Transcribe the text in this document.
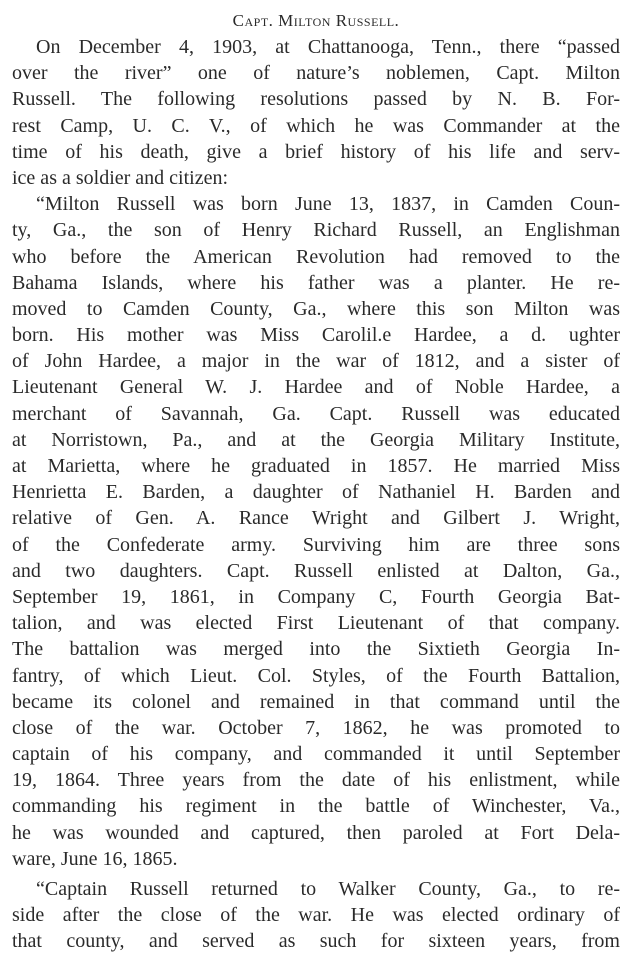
Capt. Milton Russell.
On December 4, 1903, at Chattanooga, Tenn., there “passed
over the river” one of nature’s noblemen, Capt. Milton
Russell. The following resolutions passed by N. B. For-
rest Camp, U. C. V., of which he was Commander at the
time of his death, give a brief history of his life and serv-
ice as a soldier and citizen:
“Milton Russell was born June 13, 1837, in Camden Coun-
ty, Ga., the son of Henry Richard Russell, an Englishman
who before the American Revolution had removed to the
Bahama Islands, where his father was a planter. He re-
moved to Camden County, Ga., where this son Milton was
born. His mother was Miss Carolil.e Hardee, a d. ughter
of John Hardee, a major in the war of 1812, and a sister of
Lieutenant General W. J. Hardee and of Noble Hardee, a
merchant of Savannah, Ga. Capt. Russell was educated
at Norristown, Pa., and at the Georgia Military Institute,
at Marietta, where he graduated in 1857. He married Miss
Henrietta E. Barden, a daughter of Nathaniel H. Barden and
relative of Gen. A. Rance Wright and Gilbert J. Wright,
of the Confederate army. Surviving him are three sons
and two daughters. Capt. Russell enlisted at Dalton, Ga.,
September 19, 1861, in Company C, Fourth Georgia Bat-
talion, and was elected First Lieutenant of that company.
The battalion was merged into the Sixtieth Georgia In-
fantry, of which Lieut. Col. Styles, of the Fourth Battalion,
became its colonel and remained in that command until the
close of the war. October 7, 1862, he was promoted to
captain of his company, and commanded it until September
19, 1864. Three years from the date of his enlistment, while
commanding his regiment in the battle of Winchester, Va.,
he was wounded and captured, then paroled at Fort Dela-
ware, June 16, 1865.
“Captain Russell returned to Walker County, Ga., to re-
side after the close of the war. He was elected ordinary of
that county, and served as such for sixteen years, from
